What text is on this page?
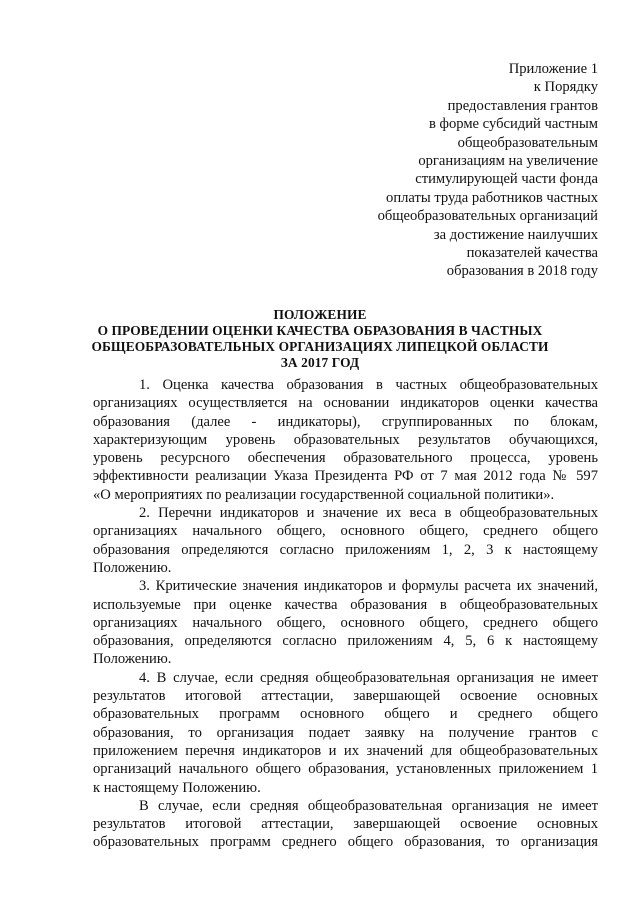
Приложение 1
к Порядку
предоставления грантов
в форме субсидий частным
общеобразовательным
организациям на увеличение
стимулирующей части фонда
оплаты труда работников частных
общеобразовательных организаций
за достижение наилучших
показателей качества
образования в 2018 году
ПОЛОЖЕНИЕ
О ПРОВЕДЕНИИ ОЦЕНКИ КАЧЕСТВА ОБРАЗОВАНИЯ В ЧАСТНЫХ
ОБЩЕОБРАЗОВАТЕЛЬНЫХ ОРГАНИЗАЦИЯХ ЛИПЕЦКОЙ ОБЛАСТИ
ЗА 2017 ГОД
1. Оценка качества образования в частных общеобразовательных
организациях осуществляется на основании индикаторов оценки качества
образования (далее - индикаторы), сгруппированных по блокам,
характеризующим уровень образовательных результатов обучающихся,
уровень ресурсного обеспечения образовательного процесса, уровень
эффективности реализации Указа Президента РФ от 7 мая 2012 года № 597
«О мероприятиях по реализации государственной социальной политики».
2. Перечни индикаторов и значение их веса в общеобразовательных
организациях начального общего, основного общего, среднего общего
образования определяются согласно приложениям 1, 2, 3 к настоящему
Положению.
3. Критические значения индикаторов и формулы расчета их значений,
используемые при оценке качества образования в общеобразовательных
организациях начального общего, основного общего, среднего общего
образования, определяются согласно приложениям 4, 5, 6 к настоящему
Положению.
4. В случае, если средняя общеобразовательная организация не имеет
результатов итоговой аттестации, завершающей освоение основных
образовательных программ основного общего и среднего общего
образования, то организация подает заявку на получение грантов с
приложением перечня индикаторов и их значений для общеобразовательных
организаций начального общего образования, установленных приложением 1
к настоящему Положению.
В случае, если средняя общеобразовательная организация не имеет
результатов итоговой аттестации, завершающей освоение основных
образовательных программ среднего общего образования, то организация
